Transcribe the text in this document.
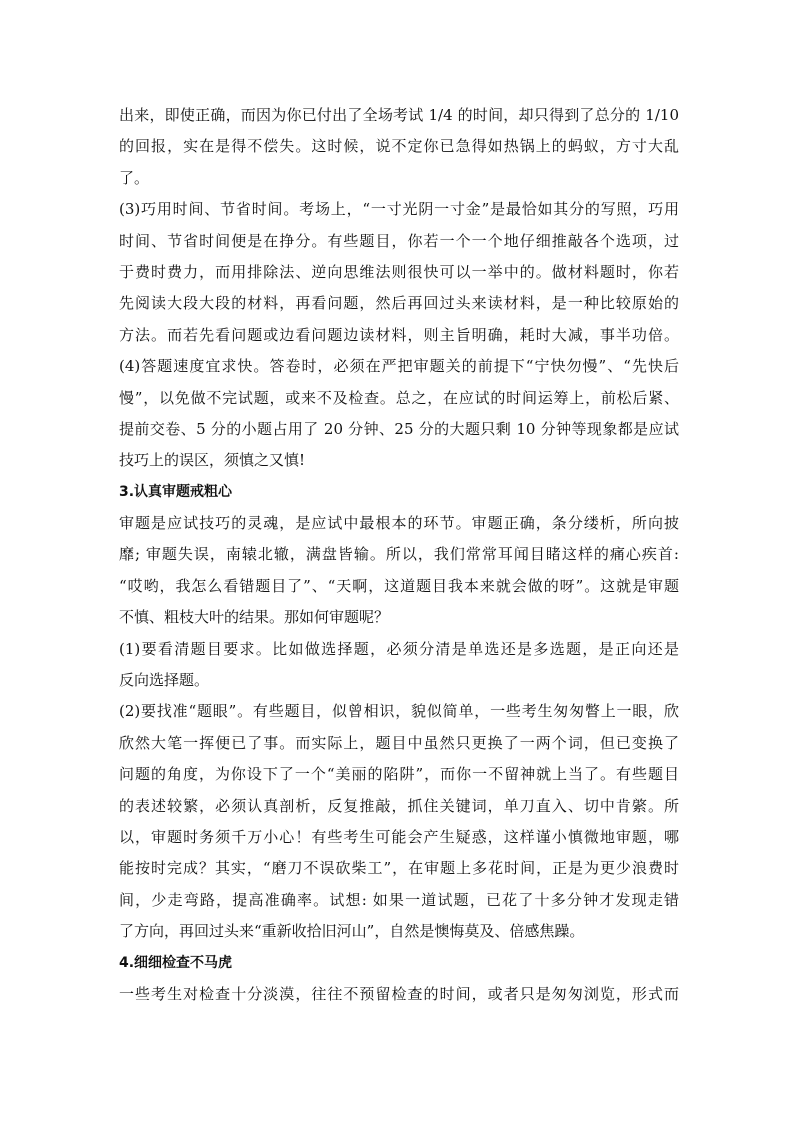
出来，即使正确，而因为你已付出了全场考试 1/4 的时间，却只得到了总分的 1/10
的回报，实在是得不偿失。这时候，说不定你已急得如热锅上的蚂蚁，方寸大乱
了。
(3)巧用时间、节省时间。考场上，“一寸光阴一寸金”是最恰如其分的写照，巧用
时间、节省时间便是在挣分。有些题目，你若一个一个地仔细推敲各个选项，过
于费时费力，而用排除法、逆向思维法则很快可以一举中的。做材料题时，你若
先阅读大段大段的材料，再看问题，然后再回过头来读材料，是一种比较原始的
方法。而若先看问题或边看问题边读材料，则主旨明确，耗时大减，事半功倍。
(4)答题速度宜求快。答卷时，必须在严把审题关的前提下“宁快勿慢”、“先快后
慢”，以免做不完试题，或来不及检查。总之，在应试的时间运筹上，前松后紧、
提前交卷、5 分的小题占用了 20 分钟、25 分的大题只剩 10 分钟等现象都是应试
技巧上的误区，须慎之又慎!
3.认真审题戒粗心
审题是应试技巧的灵魂，是应试中最根本的环节。审题正确，条分缕析，所向披
靡; 审题失误，南辕北辙，满盘皆输。所以，我们常常耳闻目睹这样的痛心疾首:
“哎哟，我怎么看错题目了”、“天啊，这道题目我本来就会做的呀”。这就是审题
不慎、粗枝大叶的结果。那如何审题呢？
(1)要看清题目要求。比如做选择题，必须分清是单选还是多选题，是正向还是
反向选择题。
(2)要找准“题眼”。有些题目，似曾相识，貌似简单，一些考生匆匆瞥上一眼，欣
欣然大笔一挥便已了事。而实际上，题目中虽然只更换了一两个词，但已变换了
问题的角度，为你设下了一个“美丽的陷阱”，而你一不留神就上当了。有些题目
的表述较繁，必须认真剖析，反复推敲，抓住关键词，单刀直入、切中肯綮。所
以，审题时务须千万小心！有些考生可能会产生疑惑，这样谨小慎微地审题，哪
能按时完成？其实，“磨刀不误砍柴工”，在审题上多花时间，正是为更少浪费时
间，少走弯路，提高准确率。试想: 如果一道试题，已花了十多分钟才发现走错
了方向，再回过头来“重新收拾旧河山”，自然是懊悔莫及、倍感焦躁。
4.细细检查不马虎
一些考生对检查十分淡漠，往往不预留检查的时间，或者只是匆匆浏览，形式而
